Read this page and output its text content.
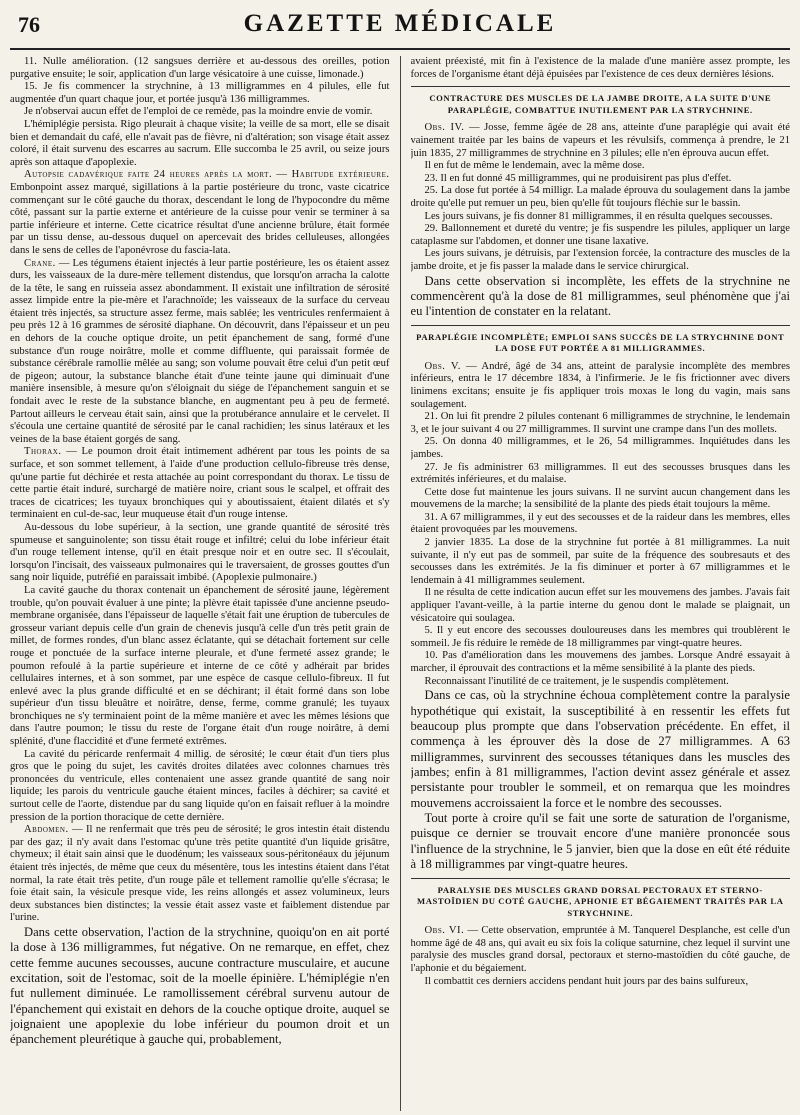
76	GAZETTE MÉDICALE

11. Nulle amélioration. (12 sangsues derrière et au-dessous des oreilles, potion purgative ensuite; le soir, application d'un large vésicatoire à une cuisse, limonade.)

15. Je fis commencer la strychnine, à 13 milligrammes en 4 pilules, elle fut augmentée d'un quart chaque jour, et portée jusqu'à 136 milligrammes.

Je n'observai aucun effet de l'emploi de ce remède, pas la moindre envie de vomir.

L'hémiplégie persista. Rigo pleurait à chaque visite; la veille de sa mort, elle se disait bien et demandait du café, elle n'avait pas de fièvre, ni d'altération; son visage était assez coloré, il était survenu des escarres au sacrum. Elle succomba le 25 avril, ou seize jours après son attaque d'apoplexie.

Autopsie cadavérique faite 24 heures après la mort. — Habitude extérieure. Embonpoint assez marqué, sigillations à la partie postérieure du tronc, vaste cicatrice commençant sur le côté gauche du thorax, descendant le long de l'hypocondre du même côté, passant sur la partie externe et antérieure de la cuisse pour venir se terminer à sa partie inférieure et interne. Cette cicatrice résultat d'une ancienne brûlure, était formée par un tissu dense, au-dessous duquel on apercevait des brides celluleuses, allongées dans le sens de celles de l'aponévrose du fascia-lata.

Crane. — Les tégumens étaient injectés à leur partie postérieure, les os étaient assez durs, les vaisseaux de la dure-mère tellement distendus, que lorsqu'on arracha la calotte de la tête, le sang en ruisseia assez abondamment. Il existait une infiltration de sérosité assez limpide entre la pie-mère et l'arachnoïde; les vaisseaux de la surface du cerveau étaient très injectés, sa structure assez ferme, mais sablée; les ventricules renfermaient à peu près 12 à 16 grammes de sérosité diaphane. On découvrit, dans l'épaisseur et un peu en dehors de la couche optique droite, un petit épanchement de sang, formé d'une substance d'un rouge noirâtre, molle et comme diffluente, qui paraissait formée de substance cérébrale ramollie mêlée au sang; son volume pouvait être celui d'un petit œuf de pigeon; autour, la substance blanche était d'une teinte jaune qui diminuait d'une manière insensible, à mesure qu'on s'éloignait du siége de l'épanchement sanguin et se fondait avec le reste de la substance blanche, en augmentant peu à peu de fermeté. Partout ailleurs le cerveau était sain, ainsi que la protubérance annulaire et le cervelet. Il s'écoula une certaine quantité de sérosité par le canal rachidien; les sinus latéraux et les veines de la base étaient gorgés de sang.

Thorax. — Le poumon droit était intimement adhérent par tous les points de sa surface, et son sommet tellement, à l'aide d'une production cellulo-fibreuse très dense, qu'une partie fut déchirée et resta attachée au point correspondant du thorax. Le tissu de cette partie était induré, surchargé de matière noire, criant sous le scalpel, et offrait des traces de cicatrices; les tuyaux bronchiques qui y aboutissaient, étaient dilatés et s'y terminaient en cul-de-sac, leur muqueuse était d'un rouge intense.

Au-dessous du lobe supérieur, à la section, une grande quantité de sérosité très spumeuse et sanguinolente; son tissu était rouge et infiltré; celui du lobe inférieur était d'un rouge tellement intense, qu'il en était presque noir et en outre sec. Il s'écoulait, lorsqu'on l'incisait, des vaisseaux pulmonaires qui le traversaient, de grosses gouttes d'un sang noir liquide, putréfié en paraissait imbibé. (Apoplexie pulmonaire.)

La cavité gauche du thorax contenait un épanchement de sérosité jaune, légèrement trouble, qu'on pouvait évaluer à une pinte; la plèvre était tapissée d'une ancienne pseudo-membrane organisée, dans l'épaisseur de laquelle s'était fait une éruption de tubercules de grosseur variant depuis celle d'un grain de chenevis jusqu'à celle d'un très petit grain de millet, de formes rondes, d'un blanc assez éclatante, qui se détachait fortement sur celle rouge et ponctuée de la surface interne pleurale, et d'une fermeté assez grande; le poumon refoulé à la partie supérieure et interne de ce côté y adhérait par brides cellulaires internes, et à son sommet, par une espèce de casque cellulo-fibreux. Il fut enlevé avec la plus grande difficulté et en se déchirant; il était formé dans son lobe supérieur d'un tissu bleuâtre et noirâtre, dense, ferme, comme granulé; les tuyaux bronchiques ne s'y terminaient point de la même manière et avec les mêmes lésions que dans l'autre poumon; le tissu du reste de l'organe était d'un rouge noirâtre, à demi splénité, d'une flaccidité et d'une fermeté extrêmes.

La cavité du péricarde renfermait 4 millig. de sérosité; le cœur était d'un tiers plus gros que le poing du sujet, les cavités droites dilatées avec colonnes charnues très prononcées du ventricule, elles contenaient une assez grande quantité de sang noir liquide; les parois du ventricule gauche étaient minces, faciles à déchirer; sa cavité et surtout celle de l'aorte, distendue par du sang liquide qu'on en faisait refluer à la moindre pression de la portion thoracique de cette dernière.

Abdomen. — Il ne renfermait que très peu de sérosité; le gros intestin était distendu par des gaz; il n'y avait dans l'estomac qu'une très petite quantité d'un liquide grisâtre, chymeux; il était sain ainsi que le duodénum; les vaisseaux sous-péritonéaux du jéjunum étaient très injectés, de même que ceux du mésentère, tous les intestins étaient dans l'état normal, la rate était très petite, d'un rouge pâle et tellement ramollie qu'elle s'écrasa; le foie était sain, la vésicule presque vide, les reins allongés et assez volumineux, leurs deux substances bien distinctes; la vessie était assez vaste et faiblement distendue par l'urine.

Dans cette observation, l'action de la strychnine, quoiqu'on en ait porté la dose à 136 milligrammes, fut négative. On ne remarque, en effet, chez cette femme aucunes secousses, aucune contracture musculaire, et aucune excitation, soit de l'estomac, soit de la moelle épinière. L'hémiplégie n'en fut nullement diminuée. Le ramollissement cérébral survenu autour de l'épanchement qui existait en dehors de la couche optique droite, auquel se joignaient une apoplexie du lobe inférieur du poumon droit et un épanchement pleurétique à gauche qui, probablement,

avaient préexisté, mit fin à l'existence de la malade d'une manière assez prompte, les forces de l'organisme étant déjà épuisées par l'existence de ces deux dernières lésions.

CONTRACTURE DES MUSCLES DE LA JAMBE DROITE, A LA SUITE D'UNE PARAPLÉGIE, COMBATTUE INUTILEMENT PAR LA STRYCHNINE.

Obs. IV. — Josse, femme âgée de 28 ans, atteinte d'une paraplégie qui avait été vainement traitée par les bains de vapeurs et les révulsifs, commença à prendre, le 21 juin 1835, 27 milligrammes de strychnine en 3 pilules; elle n'en éprouva aucun effet.

Il en fut de même le lendemain, avec la même dose.

23. Il en fut donné 45 milligrammes, qui ne produisirent pas plus d'effet.

25. La dose fut portée à 54 milligr. La malade éprouva du soulagement dans la jambe droite qu'elle put remuer un peu, bien qu'elle fût toujours fléchie sur le bassin.

Les jours suivans, je fis donner 81 milligrammes, il en résulta quelques secousses.

29. Ballonnement et dureté du ventre; je fis suspendre les pilules, appliquer un large cataplasme sur l'abdomen, et donner une tisane laxative.

Les jours suivans, je détruisis, par l'extension forcée, la contracture des muscles de la jambe droite, et je fis passer la malade dans le service chirurgical.

Dans cette observation si incomplète, les effets de la strychnine ne commencèrent qu'à la dose de 81 milligrammes, seul phénomène que j'ai eu l'intention de constater en la relatant.

PARAPLÉGIE INCOMPLÈTE; EMPLOI SANS SUCCÈS DE LA STRYCHNINE DONT LA DOSE FUT PORTÉE A 81 MILLIGRAMMES.

Obs. V. — André, âgé de 34 ans, atteint de paralysie incomplète des membres inférieurs, entra le 17 décembre 1834, à l'infirmerie. Je le fis frictionner avec divers linimens excitans; ensuite je fis appliquer trois moxas le long du vagin, mais sans soulagement.

21. On lui fit prendre 2 pilules contenant 6 milligrammes de strychnine, le lendemain 3, et le jour suivant 4 ou 27 milligrammes. Il survint une crampe dans l'un des mollets.

25. On donna 40 milligrammes, et le 26, 54 milligrammes. Inquiétudes dans les jambes.

27. Je fis administrer 63 milligrammes. Il eut des secousses brusques dans les extrémités inférieures, et du malaise.

Cette dose fut maintenue les jours suivans. Il ne survint aucun changement dans les mouvemens de la marche; la sensibilité de la plante des pieds était toujours la même.

31. A 67 milligrammes, il y eut des secousses et de la raideur dans les membres, elles étaient provoquées par les mouvemens.

2 janvier 1835. La dose de la strychnine fut portée à 81 milligrammes. La nuit suivante, il n'y eut pas de sommeil, par suite de la fréquence des soubresauts et des secousses dans les extrémités. Je la fis diminuer et porter à 67 milligrammes et le lendemain à 41 milligrammes seulement.

Il ne résulta de cette indication aucun effet sur les mouvemens des jambes. J'avais fait appliquer l'avant-veille, à la partie interne du genou dont le malade se plaignait, un vésicatoire qui soulagea.

5. Il y eut encore des secousses douloureuses dans les membres qui troublèrent le sommeil. Je fis réduire le remède de 18 milligrammes par vingt-quatre heures.

10. Pas d'amélioration dans les mouvemens des jambes. Lorsque André essayait à marcher, il éprouvait des contractions et la même sensibilité à la plante des pieds.

Reconnaissant l'inutilité de ce traitement, je le suspendis complètement.

Dans ce cas, où la strychnine échoua complètement contre la paralysie hypothétique qui existait, la susceptibilité à en ressentir les effets fut beaucoup plus prompte que dans l'observation précédente. En effet, il commença à les éprouver dès la dose de 27 milligrammes. A 63 milligrammes, survinrent des secousses tétaniques dans les muscles des jambes; enfin à 81 milligrammes, l'action devint assez générale et assez persistante pour troubler le sommeil, et on remarqua que les moindres mouvemens accroissaient la force et le nombre des secousses.

Tout porte à croire qu'il se fait une sorte de saturation de l'organisme, puisque ce dernier se trouvait encore d'une manière prononcée sous l'influence de la strychnine, le 5 janvier, bien que la dose en eût été réduite à 18 milligrammes par vingt-quatre heures.

PARALYSIE DES MUSCLES GRAND DORSAL PECTORAUX ET STERNO-MASTOÏDIEN DU COTÉ GAUCHE, APHONIE ET BÉGAIEMENT TRAITÉS PAR LA STRYCHNINE.

Obs. VI. — Cette observation, empruntée à M. Tanquerel Desplanche, est celle d'un homme âgé de 48 ans, qui avait eu six fois la colique saturnine, chez lequel il survint une paralysie des muscles grand dorsal, pectoraux et sterno-mastoïdien du côté gauche, de l'aphonie et du bégaiement.

Il combattit ces derniers accidens pendant huit jours par des bains sulfureux,
